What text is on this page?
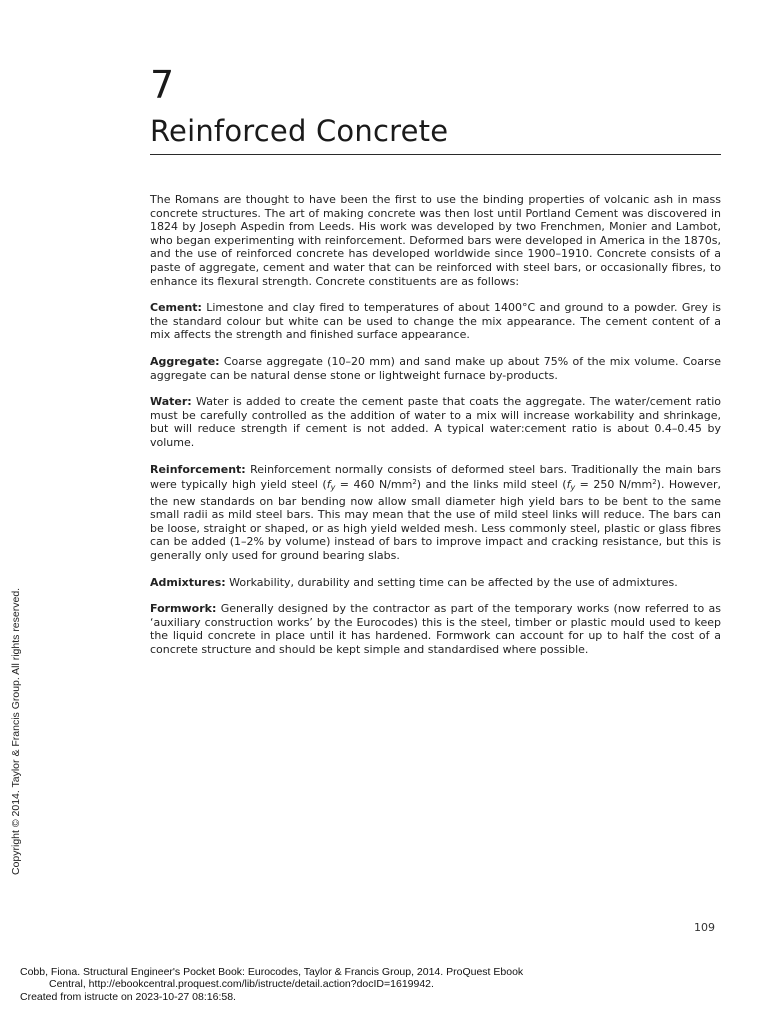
7
Reinforced Concrete

The Romans are thought to have been the first to use the binding properties of volcanic ash in mass concrete structures. The art of making concrete was then lost until Portland Cement was discovered in 1824 by Joseph Aspedin from Leeds. His work was developed by two Frenchmen, Monier and Lambot, who began experimenting with reinforcement. Deformed bars were developed in America in the 1870s, and the use of reinforced concrete has developed worldwide since 1900–1910. Concrete consists of a paste of aggregate, cement and water that can be reinforced with steel bars, or occasionally fibres, to enhance its flexural strength. Concrete constituents are as follows:

Cement: Limestone and clay fired to temperatures of about 1400°C and ground to a powder. Grey is the standard colour but white can be used to change the mix appearance. The cement content of a mix affects the strength and finished surface appearance.

Aggregate: Coarse aggregate (10–20 mm) and sand make up about 75% of the mix volume. Coarse aggregate can be natural dense stone or lightweight furnace by-products.

Water: Water is added to create the cement paste that coats the aggregate. The water/cement ratio must be carefully controlled as the addition of water to a mix will increase workability and shrinkage, but will reduce strength if cement is not added. A typical water:cement ratio is about 0.4–0.45 by volume.

Reinforcement: Reinforcement normally consists of deformed steel bars. Traditionally the main bars were typically high yield steel ($f_y = 460$ $N/mm^2$) and the links mild steel ($f_y = 250$ $N/mm^2$). However, the new standards on bar bending now allow small diameter high yield bars to be bent to the same small radii as mild steel bars. This may mean that the use of mild steel links will reduce. The bars can be loose, straight or shaped, or as high yield welded mesh. Less commonly steel, plastic or glass fibres can be added (1–2% by volume) instead of bars to improve impact and cracking resistance, but this is generally only used for ground bearing slabs.

Admixtures: Workability, durability and setting time can be affected by the use of admixtures.

Formwork: Generally designed by the contractor as part of the temporary works (now referred to as ‘auxiliary construction works’ by the Eurocodes) this is the steel, timber or plastic mould used to keep the liquid concrete in place until it has hardened. Formwork can account for up to half the cost of a concrete structure and should be kept simple and standardised where possible.

109
Copyright © 2014. Taylor & Francis Group. All rights reserved.
Cobb, Fiona. Structural Engineer's Pocket Book: Eurocodes, Taylor & Francis Group, 2014. ProQuest Ebook
Central, http://ebookcentral.proquest.com/lib/istructe/detail.action?docID=1619942.
Created from istructe on 2023-10-27 08:16:58.
